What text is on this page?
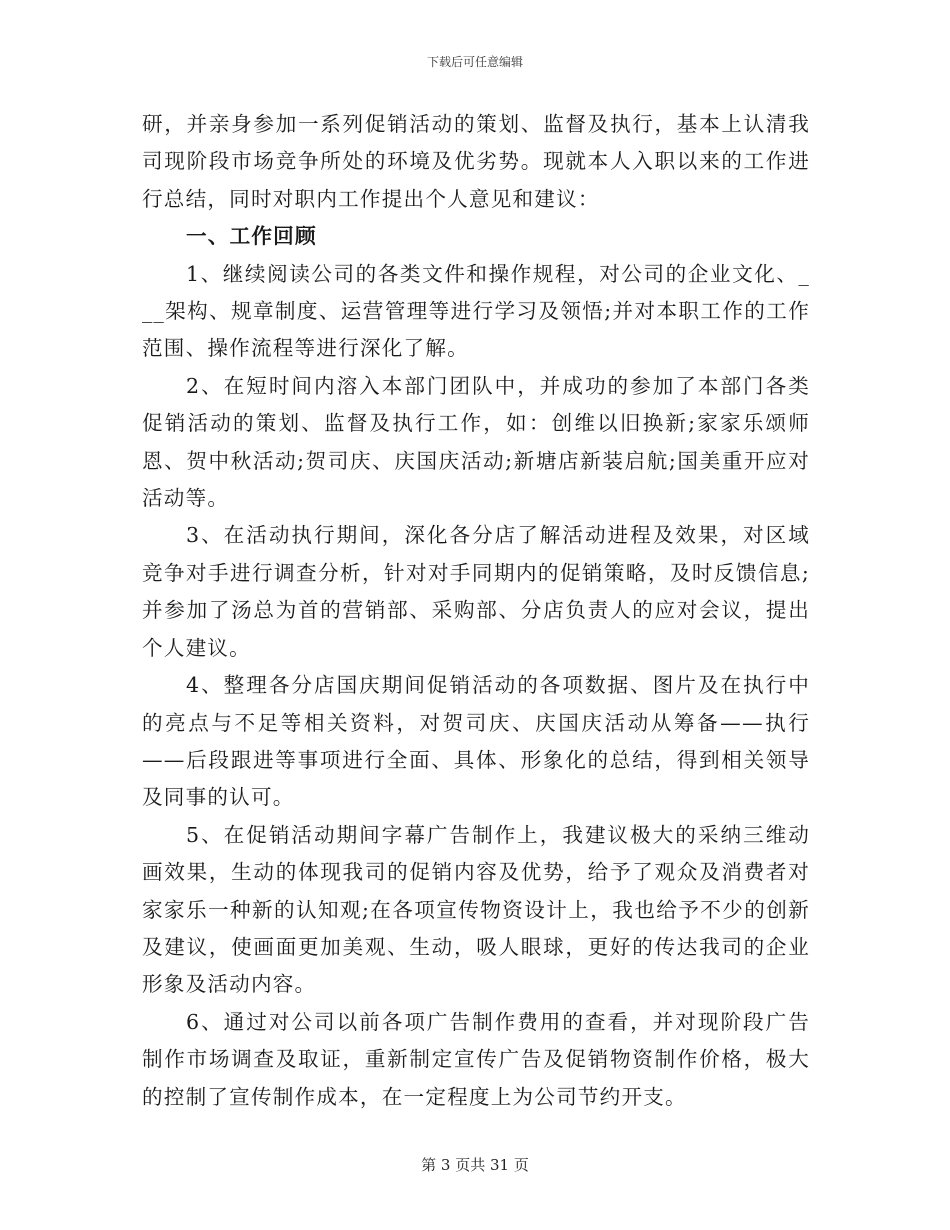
下载后可任意编辑

研，并亲身参加一系列促销活动的策划、监督及执行，基本上认清我司现阶段市场竞争所处的环境及优劣势。现就本人入职以来的工作进行总结，同时对职内工作提出个人意见和建议：

一、工作回顾

1、继续阅读公司的各类文件和操作规程，对公司的企业文化、___架构、规章制度、运营管理等进行学习及领悟;并对本职工作的工作范围、操作流程等进行深化了解。

2、在短时间内溶入本部门团队中，并成功的参加了本部门各类促销活动的策划、监督及执行工作，如：创维以旧换新;家家乐颂师恩、贺中秋活动;贺司庆、庆国庆活动;新塘店新装启航;国美重开应对活动等。

3、在活动执行期间，深化各分店了解活动进程及效果，对区域竞争对手进行调查分析，针对对手同期内的促销策略，及时反馈信息;并参加了汤总为首的营销部、采购部、分店负责人的应对会议，提出个人建议。

4、整理各分店国庆期间促销活动的各项数据、图片及在执行中的亮点与不足等相关资料，对贺司庆、庆国庆活动从筹备——执行——后段跟进等事项进行全面、具体、形象化的总结，得到相关领导及同事的认可。

5、在促销活动期间字幕广告制作上，我建议极大的采纳三维动画效果，生动的体现我司的促销内容及优势，给予了观众及消费者对家家乐一种新的认知观;在各项宣传物资设计上，我也给予不少的创新及建议，使画面更加美观、生动，吸人眼球，更好的传达我司的企业形象及活动内容。

6、通过对公司以前各项广告制作费用的查看，并对现阶段广告制作市场调查及取证，重新制定宣传广告及促销物资制作价格，极大的控制了宣传制作成本，在一定程度上为公司节约开支。

第 3 页共 31 页
